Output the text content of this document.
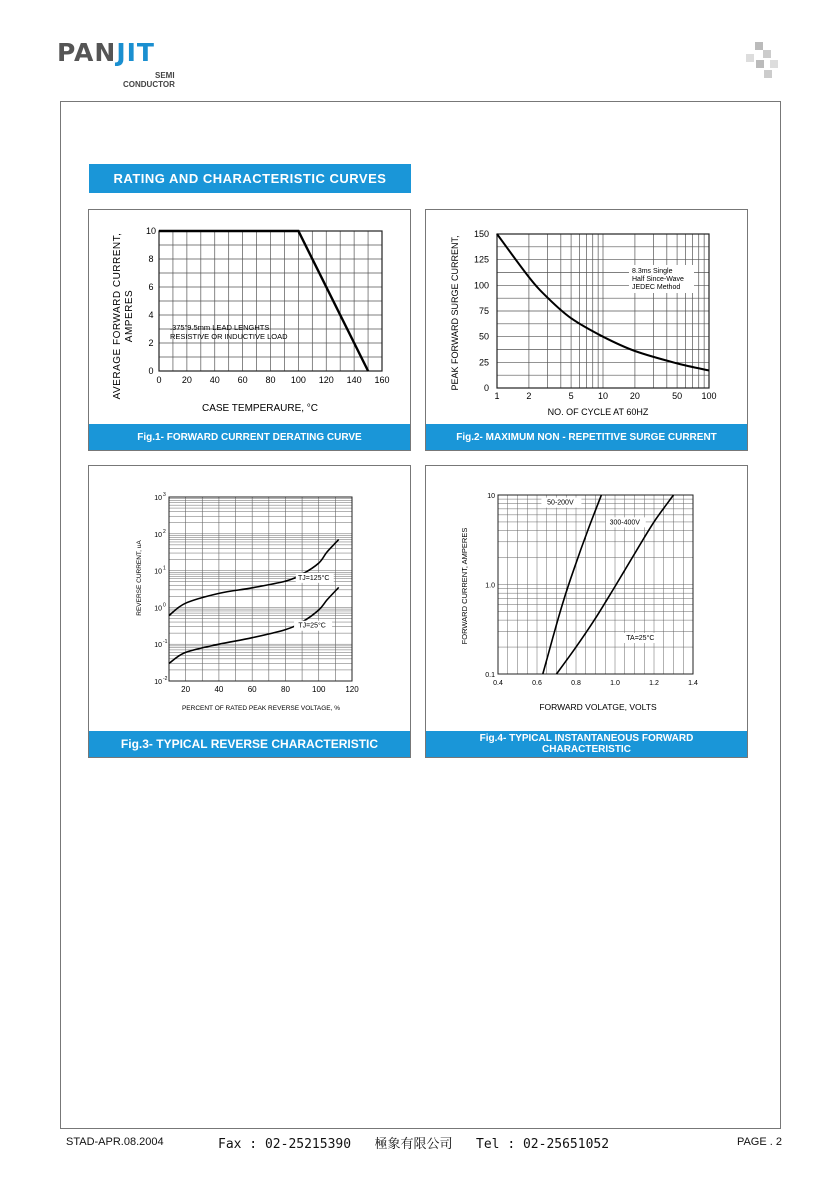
PANJIT
SEMI
CONDUCTOR
RATING AND CHARACTERISTIC CURVES
AVERAGE FORWARD CURRENT, AMPERES
CASE TEMPERAURE, °C
0 20 40 60 80 100 120 140 160
0
2
4
6
8
10
.375"9.5mm LEAD LENGHTS
RESISTIVE OR INDUCTIVE LOAD
Fig.1- FORWARD CURRENT DERATING CURVE
PEAK FORWARD SURGE CURRENT,
NO. OF CYCLE AT 60HZ
1	2	5	10 20	50 100
0
25
50
75
100
125
150
8.3ms Single
Half Since-Wave
JEDEC Method
Fig.2- MAXIMUM NON - REPETITIVE SURGE CURRENT
REVERSE CURRENT, uA
PERCENT OF RATED PEAK REVERSE VOLTAGE, %
20	40	60	80	100 120
10 -2
10 -1
10 0
10 1
10 2
10 3
TJ=125°C
TJ=25°C
Fig.3- TYPICAL REVERSE CHARACTERISTIC
FORWARD CURRENT, AMPERES
FORWARD VOLATGE, VOLTS
0.4	0.6	0.8	1.0	1.2	1.4
0.1
1.0
10
50-200V
300-400V
TA=25°C
Fig.4- TYPICAL INSTANTANEOUS FORWARD
CHARACTERISTIC
STAD-APR.08.2004	Fax : 02-25215390   極象有限公司   Tel : 02-25651052	PAGE . 2
